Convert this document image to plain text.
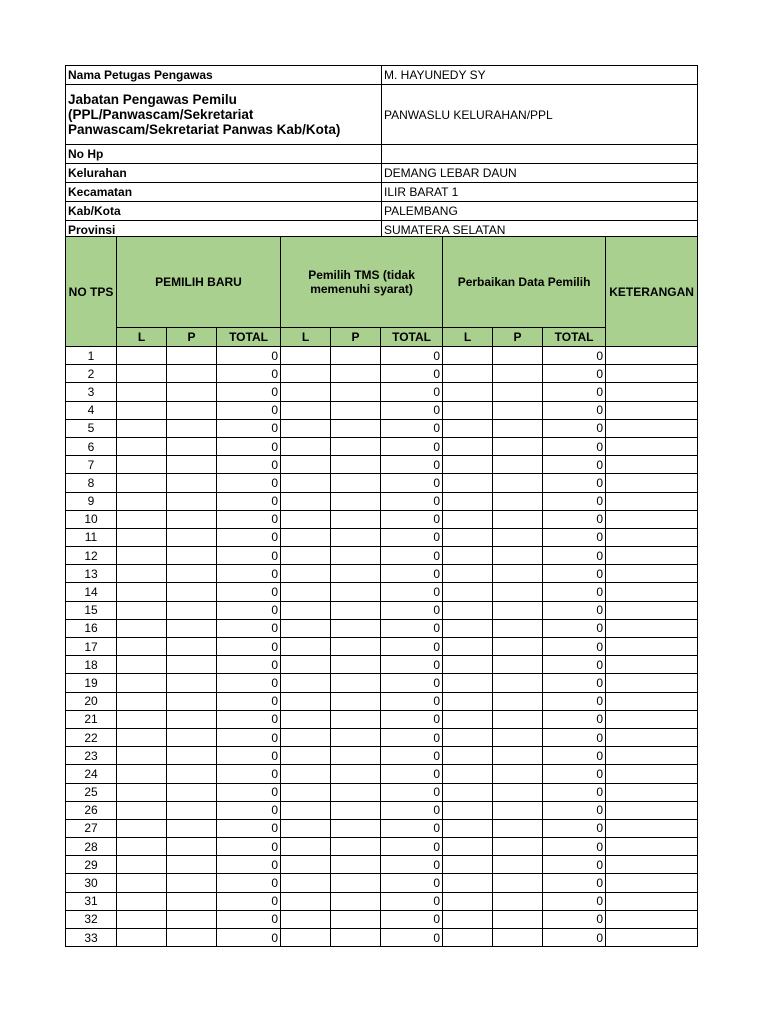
Nama Petugas Pengawas	M. HAYUNEDY SY
Jabatan Pengawas Pemilu (PPL/Panwascam/Sekretariat Panwascam/Sekretariat Panwas Kab/Kota)	PANWASLU KELURAHAN/PPL
No Hp	
Kelurahan	DEMANG LEBAR DAUN
Kecamatan	ILIR BARAT 1
Kab/Kota	PALEMBANG
Provinsi	SUMATERA SELATAN
NO TPS	PEMILIH BARU			Pemilih TMS (tidak memenuhi syarat)			Perbaikan Data Pemilih			KETERANGAN
	L	P	TOTAL	L	P	TOTAL	L	P	TOTAL	
1			0			0			0	
2			0			0			0	
3			0			0			0	
4			0			0			0	
5			0			0			0	
6			0			0			0	
7			0			0			0	
8			0			0			0	
9			0			0			0	
10			0			0			0	
11			0			0			0	
12			0			0			0	
13			0			0			0	
14			0			0			0	
15			0			0			0	
16			0			0			0	
17			0			0			0	
18			0			0			0	
19			0			0			0	
20			0			0			0	
21			0			0			0	
22			0			0			0	
23			0			0			0	
24			0			0			0	
25			0			0			0	
26			0			0			0	
27			0			0			0	
28			0			0			0	
29			0			0			0	
30			0			0			0	
31			0			0			0	
32			0			0			0	
33			0			0			0	
